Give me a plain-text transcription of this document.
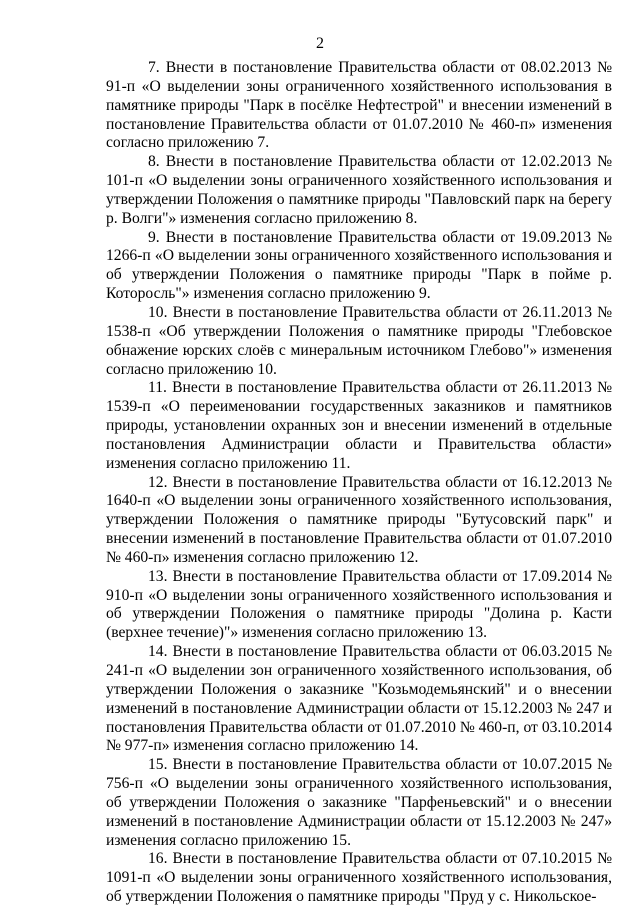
2

7. Внести в постановление Правительства области от 08.02.2013 № 91-п «О выделении зоны ограниченного хозяйственного использования в памятнике природы "Парк в посёлке Нефтестрой" и внесении изменений в постановление Правительства области от 01.07.2010 № 460-п» изменения согласно приложению 7.

8. Внести в постановление Правительства области от 12.02.2013 № 101-п «О выделении зоны ограниченного хозяйственного использования и утверждении Положения о памятнике природы "Павловский парк на берегу р. Волги"» изменения согласно приложению 8.

9. Внести в постановление Правительства области от 19.09.2013 № 1266-п «О выделении зоны ограниченного хозяйственного использования и об утверждении Положения о памятнике природы "Парк в пойме р. Которосль"» изменения согласно приложению 9.

10. Внести в постановление Правительства области от 26.11.2013 № 1538-п «Об утверждении Положения о памятнике природы "Глебовское обнажение юрских слоёв с минеральным источником Глебово"» изменения согласно приложению 10.

11. Внести в постановление Правительства области от 26.11.2013 № 1539-п «О переименовании государственных заказников и памятников природы, установлении охранных зон и внесении изменений в отдельные постановления Администрации области и Правительства области» изменения согласно приложению 11.

12. Внести в постановление Правительства области от 16.12.2013 № 1640-п «О выделении зоны ограниченного хозяйственного использования, утверждении Положения о памятнике природы "Бутусовский парк" и внесении изменений в постановление Правительства области от 01.07.2010 № 460-п» изменения согласно приложению 12.

13. Внести в постановление Правительства области от 17.09.2014 № 910-п «О выделении зоны ограниченного хозяйственного использования и об утверждении Положения о памятнике природы "Долина р. Касти (верхнее течение)"» изменения согласно приложению 13.

14. Внести в постановление Правительства области от 06.03.2015 № 241-п «О выделении зон ограниченного хозяйственного использования, об утверждении Положения о заказнике "Козьмодемьянский" и о внесении изменений в постановление Администрации области от 15.12.2003 № 247 и постановления Правительства области от 01.07.2010 № 460-п, от 03.10.2014 № 977-п» изменения согласно приложению 14.

15. Внести в постановление Правительства области от 10.07.2015 № 756-п «О выделении зоны ограниченного хозяйственного использования, об утверждении Положения о заказнике "Парфеньевский" и о внесении изменений в постановление Администрации области от 15.12.2003 № 247» изменения согласно приложению 15.

16. Внести в постановление Правительства области от 07.10.2015 № 1091-п «О выделении зоны ограниченного хозяйственного использования, об утверждении Положения о памятнике природы "Пруд у с. Никольское-
